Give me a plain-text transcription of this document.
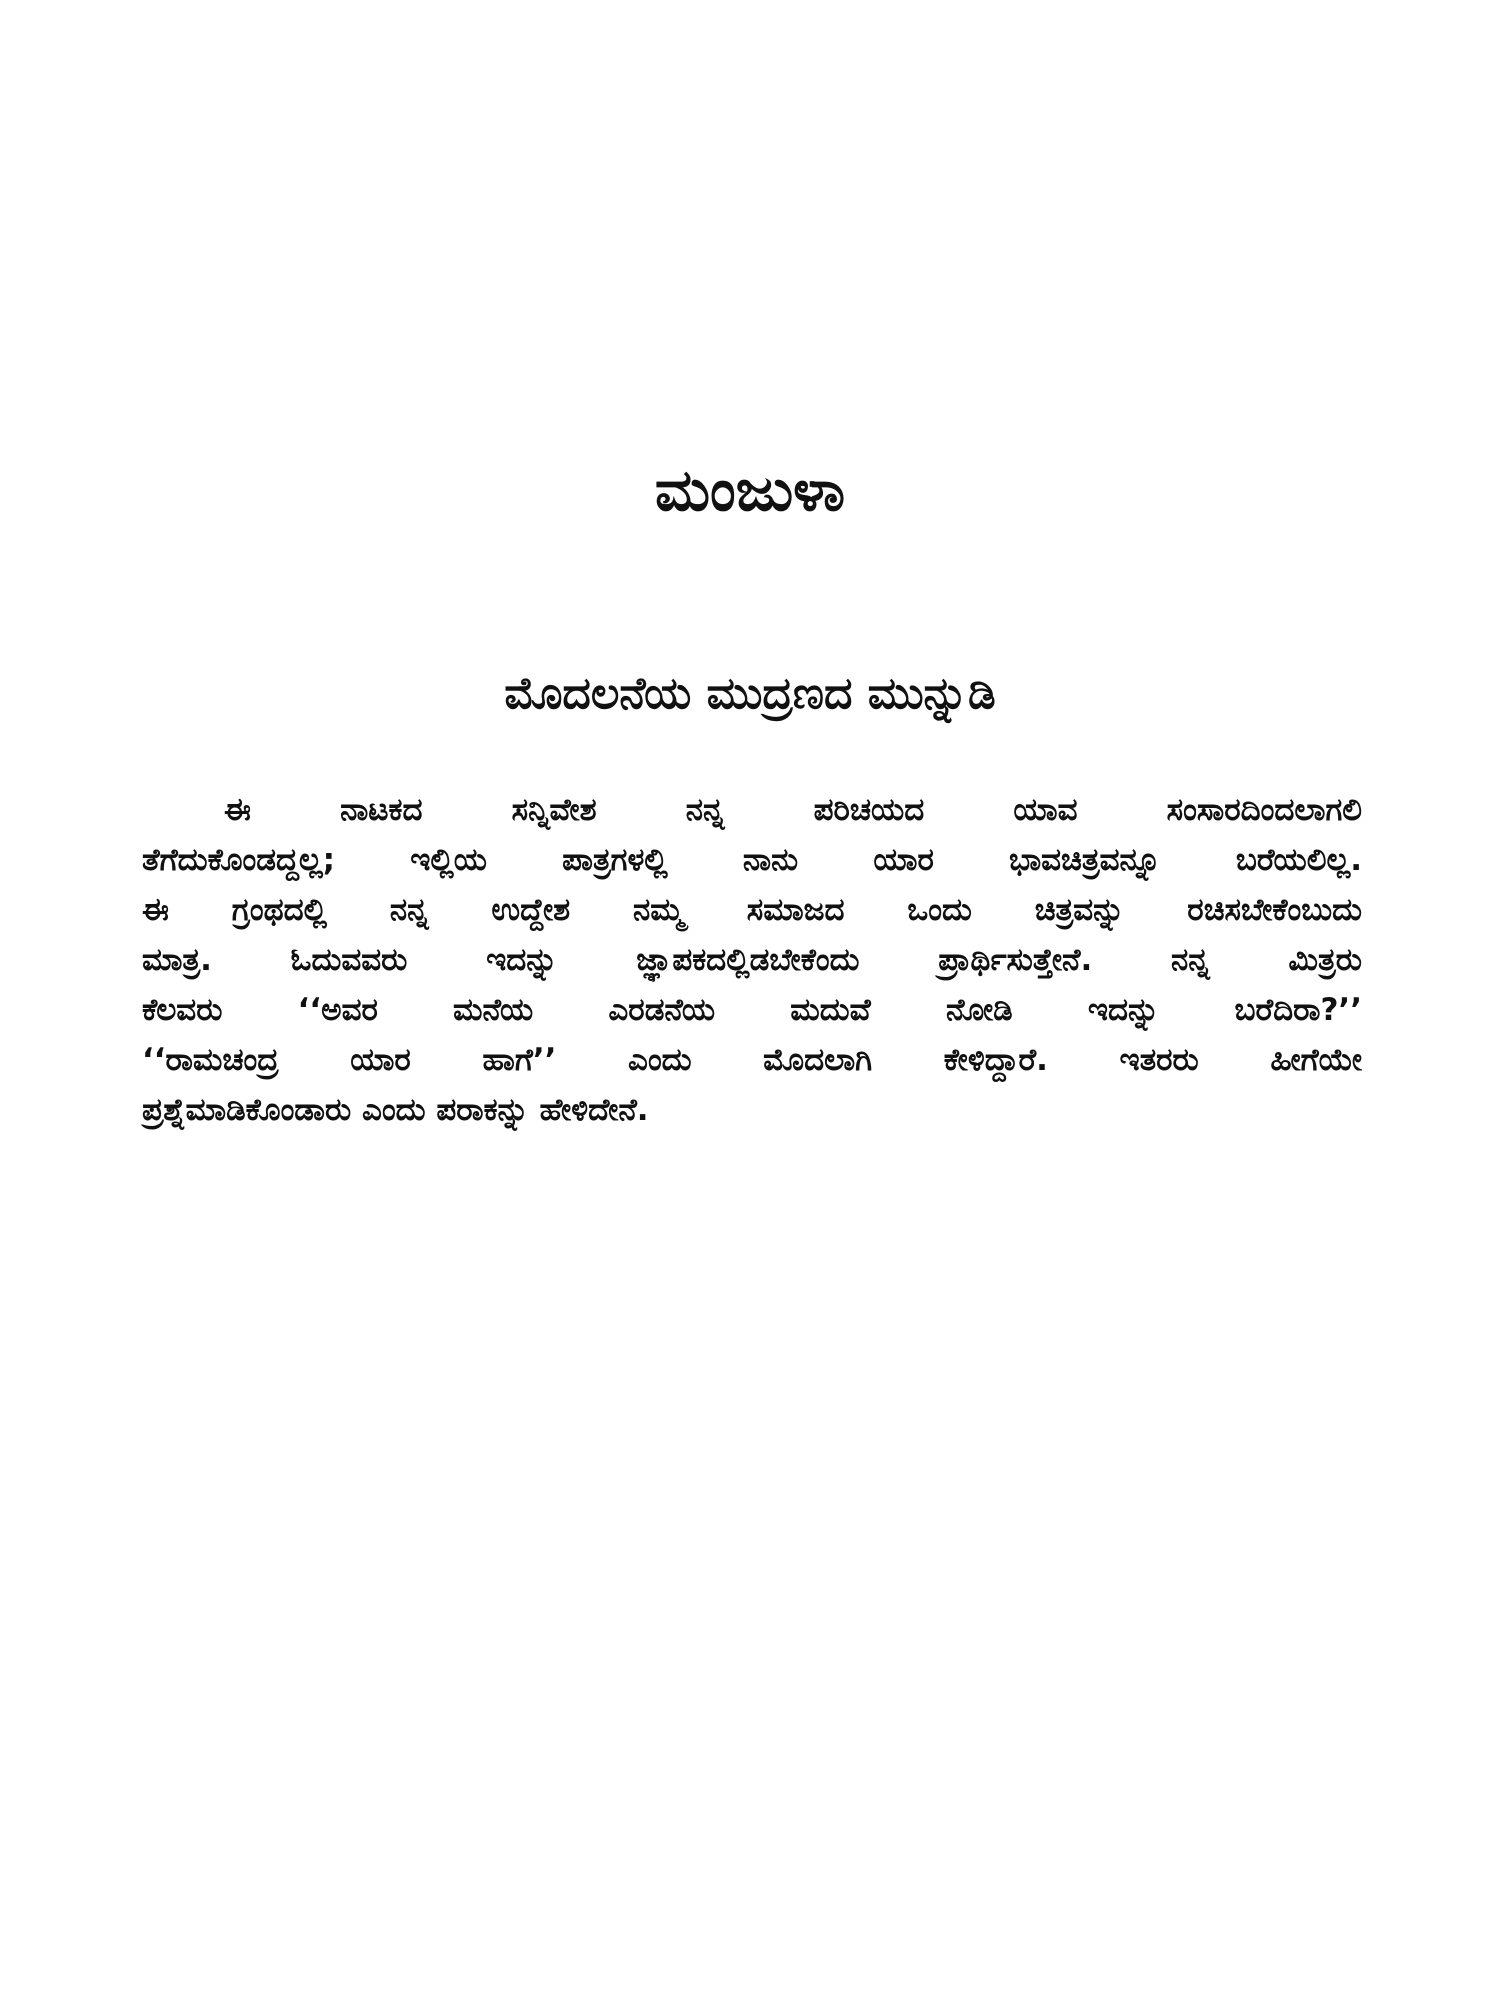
ಮಂಜುಳಾ
ಮೊದಲನೆಯ ಮುದ್ರಣದ ಮುನ್ನುಡಿ
ಈ ನಾಟಕದ ಸನ್ನಿವೇಶ ನನ್ನ ಪರಿಚಯದ ಯಾವ ಸಂಸಾರದಿಂದಲಾಗಲಿ
ತೆಗೆದುಕೊಂಡದ್ದಲ್ಲ; ಇಲ್ಲಿಯ ಪಾತ್ರಗಳಲ್ಲಿ ನಾನು ಯಾರ ಭಾವಚಿತ್ರವನ್ನೂ ಬರೆಯಲಿಲ್ಲ.
ಈ ಗ್ರಂಥದಲ್ಲಿ ನನ್ನ ಉದ್ದೇಶ ನಮ್ಮ ಸಮಾಜದ ಒಂದು ಚಿತ್ರವನ್ನು ರಚಿಸಬೇಕೆಂಬುದು
ಮಾತ್ರ. ಓದುವವರು ಇದನ್ನು ಜ್ಞಾಪಕದಲ್ಲಿಡಬೇಕೆಂದು ಪ್ರಾರ್ಥಿಸುತ್ತೇನೆ. ನನ್ನ ಮಿತ್ರರು
ಕೆಲವರು ‘‘ಅವರ ಮನೆಯ ಎರಡನೆಯ ಮದುವೆ ನೋಡಿ ಇದನ್ನು ಬರೆದಿರಾ?’’
‘‘ರಾಮಚಂದ್ರ ಯಾರ ಹಾಗೆ’’ ಎಂದು ಮೊದಲಾಗಿ ಕೇಳಿದ್ದಾರೆ. ಇತರರು ಹೀಗೆಯೇ
ಪ್ರಶ್ನೆಮಾಡಿಕೊಂಡಾರು ಎಂದು ಪರಾಕನ್ನು ಹೇಳಿದೇನೆ.
